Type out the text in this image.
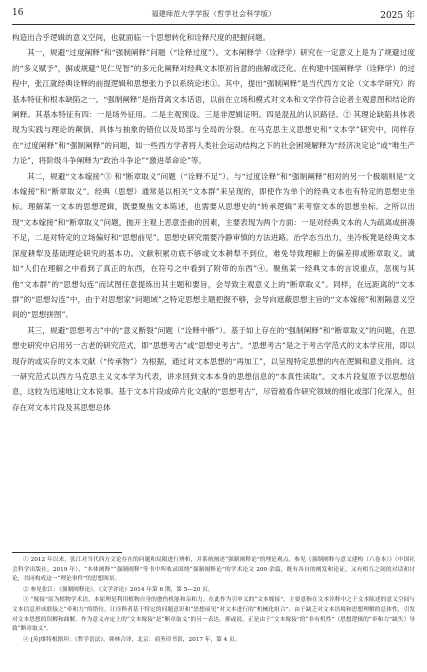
16	福建师范大学学报（哲学社会科学版）	2025 年

构造出合乎逻辑的意义空间，也就面临一个思想转化和诠释尺度的把握问题。

其一，规避“过度阐释”和“强制阐释”问题（“诠释过度”）。文本阐释学（诠释学）研究在一定意义上是为了规避过度的“多义赋予”，摒或规避“见仁见智”的多元化阐释对经典文本原初旨意的曲解或泛化。在构建中国阐释学（诠释学）的过程中，张江就经典诠释的前提逻辑和思想张力予以系统论述①。其中，提出“强制阐释”是当代西方文论（文本学研究）的基本特征和根本缺陷之一。“强制阐释”是指背离文本话语，以前在立场和模式对文本和文学作符合论者主观意图和结论的阐释。其基本特征有四：一是场外征用。二是主观预设。三是非逻辑证明。四是混乱的认识路径。② 其理论缺陷具体表现为实践与理论的颠倒、具体与抽象的错位以及局部与全局的分裂。在马克思主义思想史和“文本学”研究中，同样存在“过度阐释”和“强制阐释”的问题，如一些西方学者将人类社会运动结构之下的社会困境解释为“经济决定论”或“唯生产力论”，将阶级斗争阐释为“政治斗争论”“激进革命论”等。

其二，规避“文本嫁接”③ 和“断章取义”问题（“诠释不足”）。与“过度诠释”和“强制阐释”相对的另一个极端则是“文本嫁接”和“断章取义”。经典（思想）通常是以相关“文本群”来呈现的，即使作为单个的经典文本也有特定的思想史坐标。理解某一文本的思想逻辑，既要聚焦文本陈述，也需要从思想史的“转承逻辑”来考察文本的思想坐标。之所以出现“文本嫁接”和“断章取义”问题，抛开主观上恶意歪曲的因素，主要表现为两个方面：一是对经典文本的人为疏离或拼凑不足，二是对特定的立场偏好和“思想前见”。思想史研究需要冷静审慎的方法进路。治学态当出力，坐冷板凳是经典文本深度耕犁及基础理论研究的基本功。文献积累功底不够或文本耕犁不到位，难免导致理解上的偏差抑或断章取义。诚如“人们在理解之中看到了真正的东西，在符号之中看到了附带的东西”④。聚焦某一经典文本的言说重点，忽视与其他“文本群”的“思想勾连”而试图任意提炼出其主题和要旨，会导致主观意义上的“断章取义”。同样，在远距离的“文本群”的“思想勾连”中，由于对思想家“问题域”之特定思想主题把握不够，会导向遮蔽思想主旨的“文本嫁接”和割隔意义空间的“思想拼图”。

其三，规避“思想考古”中的“意义断裂”问题（“诠释中断”）。基于如上存在的“强制阐释”和“断章取义”的问题，在思想史研究中启用另一古老的研究范式，即“思想考古”或“思想史考古”。“思想考古”是之于考古学范式的文本学应用，即以现存的或实存的文本文献（“传承物”）为根据，通过对文本思想的“再加工”，以呈现特定思想的内在逻辑和意义指向。这一研究范式以西方马克思主义文本学为代表，讲求回到文本本身的思想信息的“本真性读取”。文本片段复原予以思想信息，这较为迅速地让文本说事。基于文本片段或碎片化文献的“思想考古”，尽管被看作研究领域的细化或部门化深入，但存在对文本片段及其思想总体

① 2012 年以来，张江对当代西方文论存在的问题和局限进行辨析，并系统阐述“强制阐释论”的理论观点。参见《强制阐释与意义建构（六卷本）》（中国社会科学出版社，2019 年）、“本体阐释”“强制阐释”等书中所收录围绕“强制阐释论”的学术论文 200 余篇，既有各自的阐发和论证，又有相互之间的对话和讨论，共同构成这一“理论事件”的思想图景。

② 参见张江：《强制阐释论》，《文学评论》2014 年第 6 期，第 5—20 页。

③ “嫁接”原为植物学术语，本原理是利用植物自身的愈伤机能和亲和力。在此作为引申义的“文本嫁接”，主要意指在文本诠释中之于文本陈述的意义空间与文本信息形成联接之“牵和力”的错位，让诠释者基于特定的问题意识和“思想前见”对文本进行的“机械化组合”。由于缺乏对文本语境和思想理解的总体性，引发对文本思想的误解和曲解。作为意义亦定上的“文本嫁接”是“断章取义”的另一表达，抑或说，正是由于“文本嫁接”的“非有机性”（思想逻辑的“牵和力”缺失）导致“断章取义”。

④ [英]维特根斯坦：《哲学语法》，韩林合译，北京：商务印书馆，2017 年，第 4 页。
